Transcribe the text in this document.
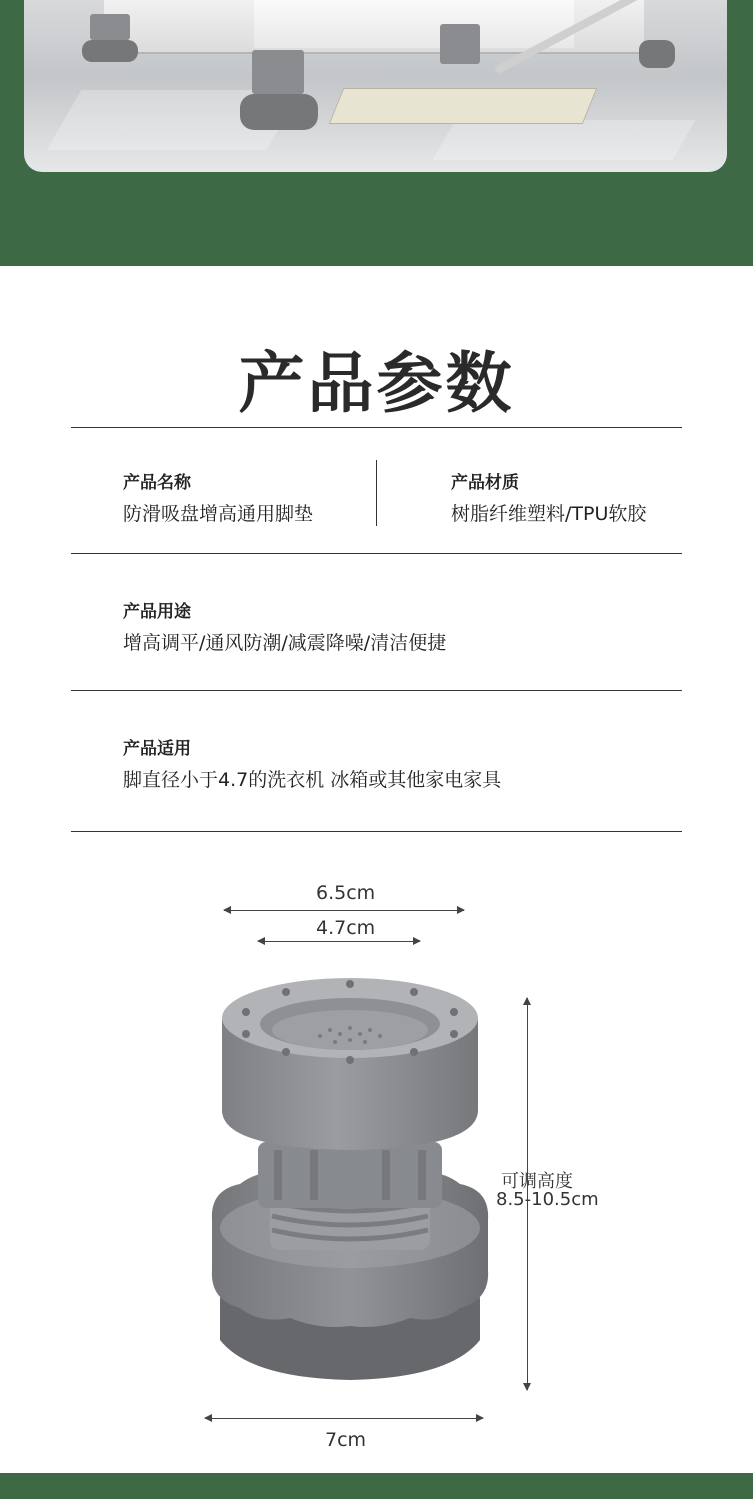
产品参数
产品名称
防滑吸盘增高通用脚垫
产品材质
树脂纤维塑料/TPU软胶
产品用途
增高调平/通风防潮/减震降噪/清洁便捷
产品适用
脚直径小于4.7的洗衣机 冰箱或其他家电家具
6.5cm
4.7cm
可调高度
8.5-10.5cm
7cm
